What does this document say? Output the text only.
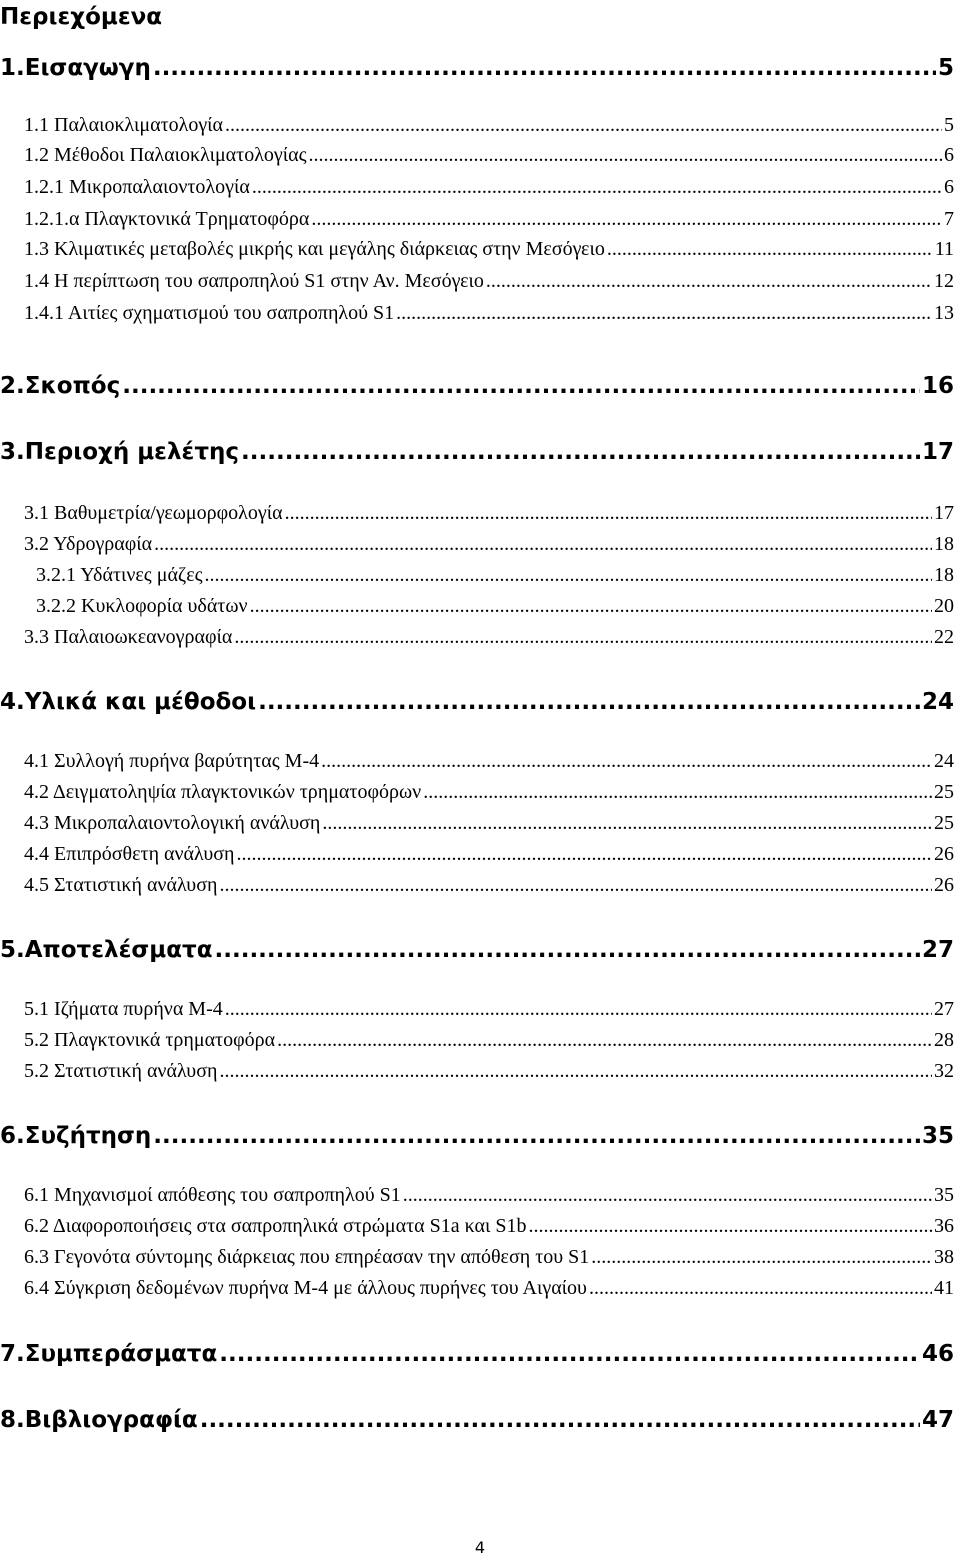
Περιεχόμενα
1.Εισαγωγη .....	5
1.1 Παλαιοκλιματολογία .....	5
1.2 Μέθοδοι Παλαιοκλιματολογίας .....	6
1.2.1 Μικροπαλαιοντολογία .....	6
1.2.1.α Πλαγκτονικά Τρηματοφόρα .....	7
1.3 Κλιματικές μεταβολές μικρής και μεγάλης διάρκειας στην Μεσόγειο .....	11
1.4 Η περίπτωση του σαπροπηλού S1 στην Αν. Μεσόγειο .....	12
1.4.1 Αιτίες σχηματισμού του σαπροπηλού S1 .....	13
2.Σκοπός .....	16
3.Περιοχή μελέτης .....	17
3.1 Βαθυμετρία/γεωμορφολογία .....	17
3.2 Υδρογραφία .....	18
3.2.1 Υδάτινες μάζες .....	18
3.2.2 Κυκλοφορία υδάτων .....	20
3.3 Παλαιοωκεανογραφία .....	22
4.Υλικά και μέθοδοι .....	24
4.1 Συλλογή πυρήνα βαρύτητας M-4 .....	24
4.2 Δειγματοληψία πλαγκτονικών τρηματοφόρων .....	25
4.3 Μικροπαλαιοντολογική ανάλυση .....	25
4.4 Επιπρόσθετη ανάλυση .....	26
4.5 Στατιστική ανάλυση .....	26
5.Αποτελέσματα .....	27
5.1 Ιζήματα πυρήνα M-4 .....	27
5.2 Πλαγκτονικά τρηματοφόρα .....	28
5.2 Στατιστική ανάλυση .....	32
6.Συζήτηση .....	35
6.1 Μηχανισμοί απόθεσης του σαπροπηλού S1 .....	35
6.2 Διαφοροποιήσεις στα σαπροπηλικά στρώματα S1a και S1b .....	36
6.3 Γεγονότα σύντομης διάρκειας που επηρέασαν την απόθεση του S1 .....	38
6.4 Σύγκριση δεδομένων πυρήνα M-4 με άλλους πυρήνες του Αιγαίου .....	41
7.Συμπεράσματα .....	46
8.Βιβλιογραφία .....	47
4
